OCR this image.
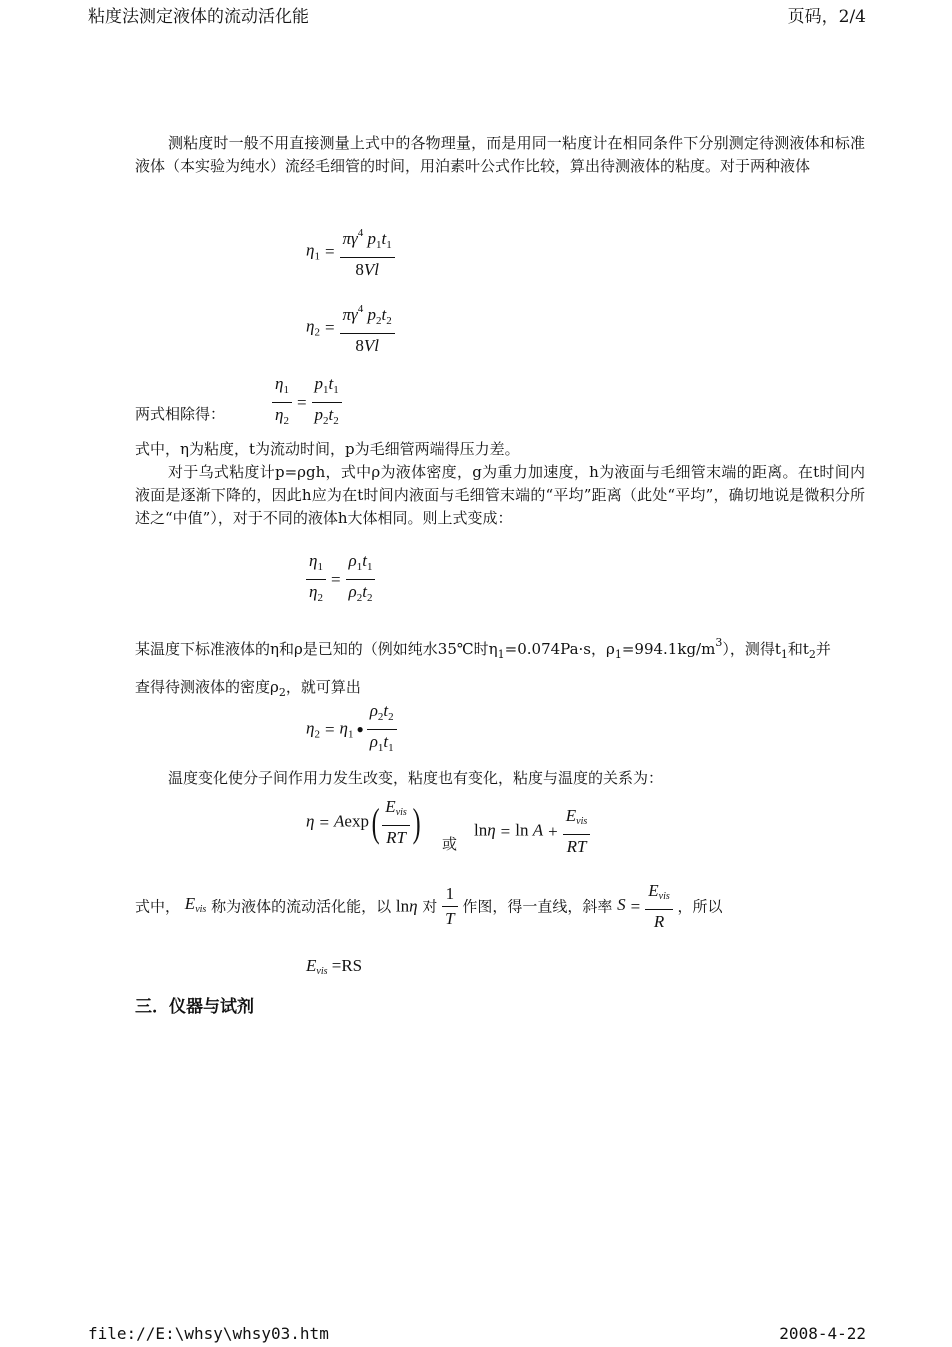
粘度法测定液体的流动活化能	页码，2/4
测粘度时一般不用直接测量上式中的各物理量，而是用同一粘度计在相同条件下分别测定待测液体和标准液体（本实验为纯水）流经毛细管的时间，用泊素叶公式作比较，算出待测液体的粘度。对于两种液体
$\eta_1 = \frac{\pi\gamma^4 p_1t_1}{8Vl}$
$\eta_2 = \frac{\pi\gamma^4 p_2t_2}{8Vl}$
两式相除得：	$\frac{\eta_1}{\eta_2} = \frac{p_1t_1}{p_2t_2}$
式中，η为粘度，t为流动时间，p为毛细管两端得压力差。
对于乌式粘度计p=ρgh，式中ρ为液体密度，g为重力加速度，h为液面与毛细管末端的距离。在t时间内液面是逐渐下降的，因此h应为在t时间内液面与毛细管末端的“平均”距离（此处“平均”，确切地说是微积分所述之“中值”），对于不同的液体h大体相同。则上式变成：
$\frac{\eta_1}{\eta_2} = \frac{\rho_1t_1}{\rho_2t_2}$
某温度下标准液体的η和ρ是已知的（例如纯水35℃时$\eta_1=0.074Pa\cdot s$，$\rho_1=994.1kg/m^3$），测得$t_1$和$t_2$并
查得待测液体的密度$\rho_2$，就可算出
$\eta_2 = \eta_1$ ● $\frac{\rho_2t_2}{\rho_1t_1}$
温度变化使分子间作用力发生改变，粘度也有变化，粘度与温度的关系为：
$\eta = Aexp( \frac{\text{Evis}}{RT}$ ) 或
$\ln\eta = \ln A + \frac{\text{Evis}}{RT}$
式中， Evis 称为液体的流动活化能，以 lnη 对 $\frac{1}{T}$ 作图，得一直线，斜率 $S = \frac{\text{Evis}}{R}$ ，所以
Evis =RS
三．仪器与试剂
file://E:\whsy\whsy03.htm	2008-4-22
